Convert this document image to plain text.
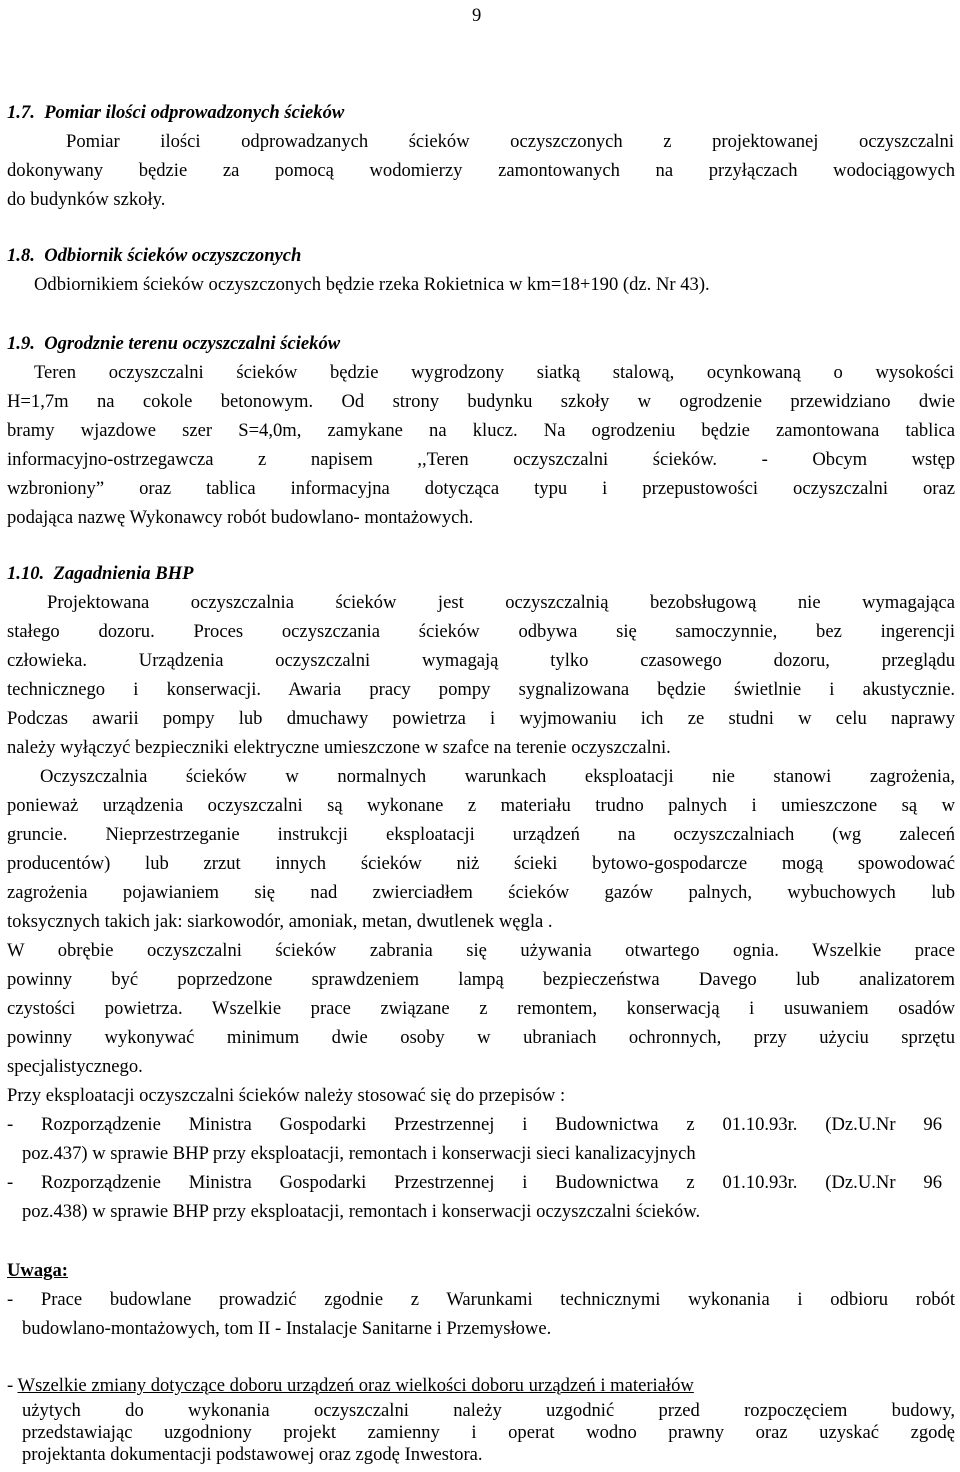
9
1.7. Pomiar ilości odprowadzonych ścieków
Pomiar ilości odprowadzanych ścieków oczyszczonych z projektowanej oczyszczalni
dokonywany będzie za pomocą wodomierzy zamontowanych na przyłączach wodociągowych
do budynków szkoły.
1.8. Odbiornik ścieków oczyszczonych
Odbiornikiem ścieków oczyszczonych będzie rzeka Rokietnica w km=18+190 (dz. Nr 43).
1.9. Ogrodznie terenu oczyszczalni ścieków
Teren oczyszczalni ścieków będzie wygrodzony siatką stalową, ocynkowaną o wysokości
H=1,7m na cokole betonowym. Od strony budynku szkoły w ogrodzenie przewidziano dwie
bramy wjazdowe szer S=4,0m, zamykane na klucz. Na ogrodzeniu będzie zamontowana tablica
informacyjno-ostrzegawcza z napisem ,,Teren oczyszczalni ścieków. - Obcym wstęp
wzbroniony” oraz tablica informacyjna dotycząca typu i przepustowości oczyszczalni oraz
podająca nazwę Wykonawcy robót budowlano- montażowych.
1.10. Zagadnienia BHP
Projektowana oczyszczalnia ścieków jest oczyszczalnią bezobsługową nie wymagająca
stałego dozoru. Proces oczyszczania ścieków odbywa się samoczynnie, bez ingerencji
człowieka. Urządzenia oczyszczalni wymagają tylko czasowego dozoru, przeglądu
technicznego i konserwacji. Awaria pracy pompy sygnalizowana będzie świetlnie i akustycznie.
Podczas awarii pompy lub dmuchawy powietrza i wyjmowaniu ich ze studni w celu naprawy
należy wyłączyć bezpieczniki elektryczne umieszczone w szafce na terenie oczyszczalni.
Oczyszczalnia ścieków w normalnych warunkach eksploatacji nie stanowi zagrożenia,
ponieważ urządzenia oczyszczalni są wykonane z materiału trudno palnych i umieszczone są w
gruncie. Nieprzestrzeganie instrukcji eksploatacji urządzeń na oczyszczalniach (wg zaleceń
producentów) lub zrzut innych ścieków niż ścieki bytowo-gospodarcze mogą spowodować
zagrożenia pojawianiem się nad zwierciadłem ścieków gazów palnych, wybuchowych lub
toksycznych takich jak: siarkowodór, amoniak, metan, dwutlenek węgla .
W obrębie oczyszczalni ścieków zabrania się używania otwartego ognia. Wszelkie prace
powinny być poprzedzone sprawdzeniem lampą bezpieczeństwa Davego lub analizatorem
czystości powietrza. Wszelkie prace związane z remontem, konserwacją i usuwaniem osadów
powinny wykonywać minimum dwie osoby w ubraniach ochronnych, przy użyciu sprzętu
specjalistycznego.
Przy eksploatacji oczyszczalni ścieków należy stosować się do przepisów :
- Rozporządzenie Ministra Gospodarki Przestrzennej i Budownictwa z 01.10.93r. (Dz.U.Nr 96
poz.437) w sprawie BHP przy eksploatacji, remontach i konserwacji sieci kanalizacyjnych
- Rozporządzenie Ministra Gospodarki Przestrzennej i Budownictwa z 01.10.93r. (Dz.U.Nr 96
poz.438) w sprawie BHP przy eksploatacji, remontach i konserwacji oczyszczalni ścieków.
Uwaga:
- Prace budowlane prowadzić zgodnie z Warunkami technicznymi wykonania i odbioru robót
budowlano-montażowych, tom II - Instalacje Sanitarne i Przemysłowe.
- Wszelkie zmiany dotyczące doboru urządzeń oraz wielkości doboru urządzeń i materiałów
użytych do wykonania oczyszczalni należy uzgodnić przed rozpoczęciem budowy,
przedstawiając uzgodniony projekt zamienny i operat wodno prawny oraz uzyskać zgodę
projektanta dokumentacji podstawowej oraz zgodę Inwestora.
